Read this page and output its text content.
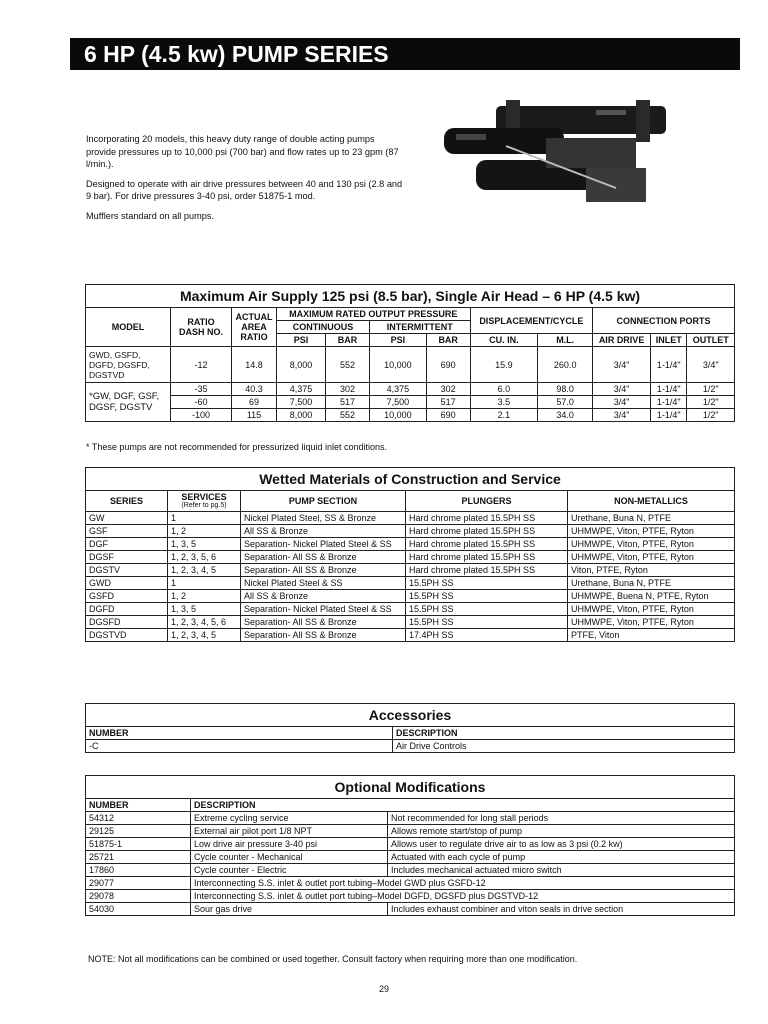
6 HP (4.5 kw) PUMP SERIES

Incorporating 20 models, this heavy duty range of double acting pumps provide pressures up to 10,000 psi (700 bar) and flow rates up to 23 gpm (87 l/min.).

Designed to operate with air drive pressures between 40 and 130 psi (2.8 and 9 bar). For drive pressures 3-40 psi, order 51875-1 mod.

Mufflers standard on all pumps.

Maximum Air Supply 125 psi (8.5 bar), Single Air Head – 6 HP (4.5 kw)											
MODEL	RATIO DASH NO.	ACTUAL AREA RATIO	MAXIMUM RATED OUTPUT PRESSURE				DISPLACEMENT/CYCLE		CONNECTION PORTS		
			CONTINUOUS		INTERMITTENT						
			PSI	BAR	PSI	BAR	CU. IN.	M.L.	AIR DRIVE	INLET	OUTLET
GWD, GSFD, DGFD, DGSFD, DGSTVD	-12	14.8	8,000	552	10,000	690	15.9	260.0	3/4"	1-1/4"	3/4"
*GW, DGF, GSF, DGSF, DGSTV	-35	40.3	4,375	302	4,375	302	6.0	98.0	3/4"	1-1/4"	1/2"
	-60	69	7,500	517	7,500	517	3.5	57.0	3/4"	1-1/4"	1/2"
	-100	115	8,000	552	10,000	690	2.1	34.0	3/4"	1-1/4"	1/2"
* These pumps are not recommended for pressurized liquid inlet conditions.
Wetted Materials of Construction and Service				
SERIES	SERVICES
(Refer to pg.5)	PUMP SECTION	PLUNGERS	NON-METALLICS
GW	1	Nickel Plated Steel, SS & Bronze	Hard chrome plated 15.5PH SS	Urethane, Buna N, PTFE
GSF	1, 2	All SS & Bronze	Hard chrome plated 15.5PH SS	UHMWPE, Viton, PTFE, Ryton
DGF	1, 3, 5	Separation- Nickel Plated Steel & SS	Hard chrome plated 15.5PH SS	UHMWPE, Viton, PTFE, Ryton
DGSF	1, 2, 3, 5, 6	Separation- All SS & Bronze	Hard chrome plated 15.5PH SS	UHMWPE, Viton, PTFE, Ryton
DGSTV	1, 2, 3, 4, 5	Separation- All SS & Bronze	Hard chrome plated 15.5PH SS	Viton, PTFE, Ryton
GWD	1	Nickel Plated Steel & SS	15.5PH SS	Urethane, Buna N, PTFE
GSFD	1, 2	All SS & Bronze	15.5PH SS	UHMWPE, Buena N, PTFE, Ryton
DGFD	1, 3, 5	Separation- Nickel Plated Steel & SS	15.5PH SS	UHMWPE, Viton, PTFE, Ryton
DGSFD	1, 2, 3, 4, 5, 6	Separation- All SS & Bronze	15.5PH SS	UHMWPE, Viton, PTFE, Ryton
DGSTVD	1, 2, 3, 4, 5	Separation- All SS & Bronze	17.4PH SS	PTFE, Viton
Accessories	
NUMBER	DESCRIPTION
-C	Air Drive Controls
Optional Modifications		
NUMBER	DESCRIPTION	
54312	Extreme cycling service	Not recommended for long stall periods
29125	External air pilot port 1/8 NPT	Allows remote start/stop of pump
51875-1	Low drive air pressure 3-40 psi	Allows user to regulate drive air to as low as 3 psi (0.2 kw)
25721	Cycle counter - Mechanical	Actuated with each cycle of pump
17860	Cycle counter - Electric	Includes mechanical actuated micro switch
29077	Interconnecting S.S. inlet & outlet port tubing–Model GWD plus GSFD-12	
29078	Interconnecting S.S. inlet & outlet port tubing–Model DGFD, DGSFD plus DGSTVD-12	
54030	Sour gas drive	Includes exhaust combiner and viton seals in drive section
NOTE: Not all modifications can be combined or used together. Consult factory when requiring more than one modification.
29
